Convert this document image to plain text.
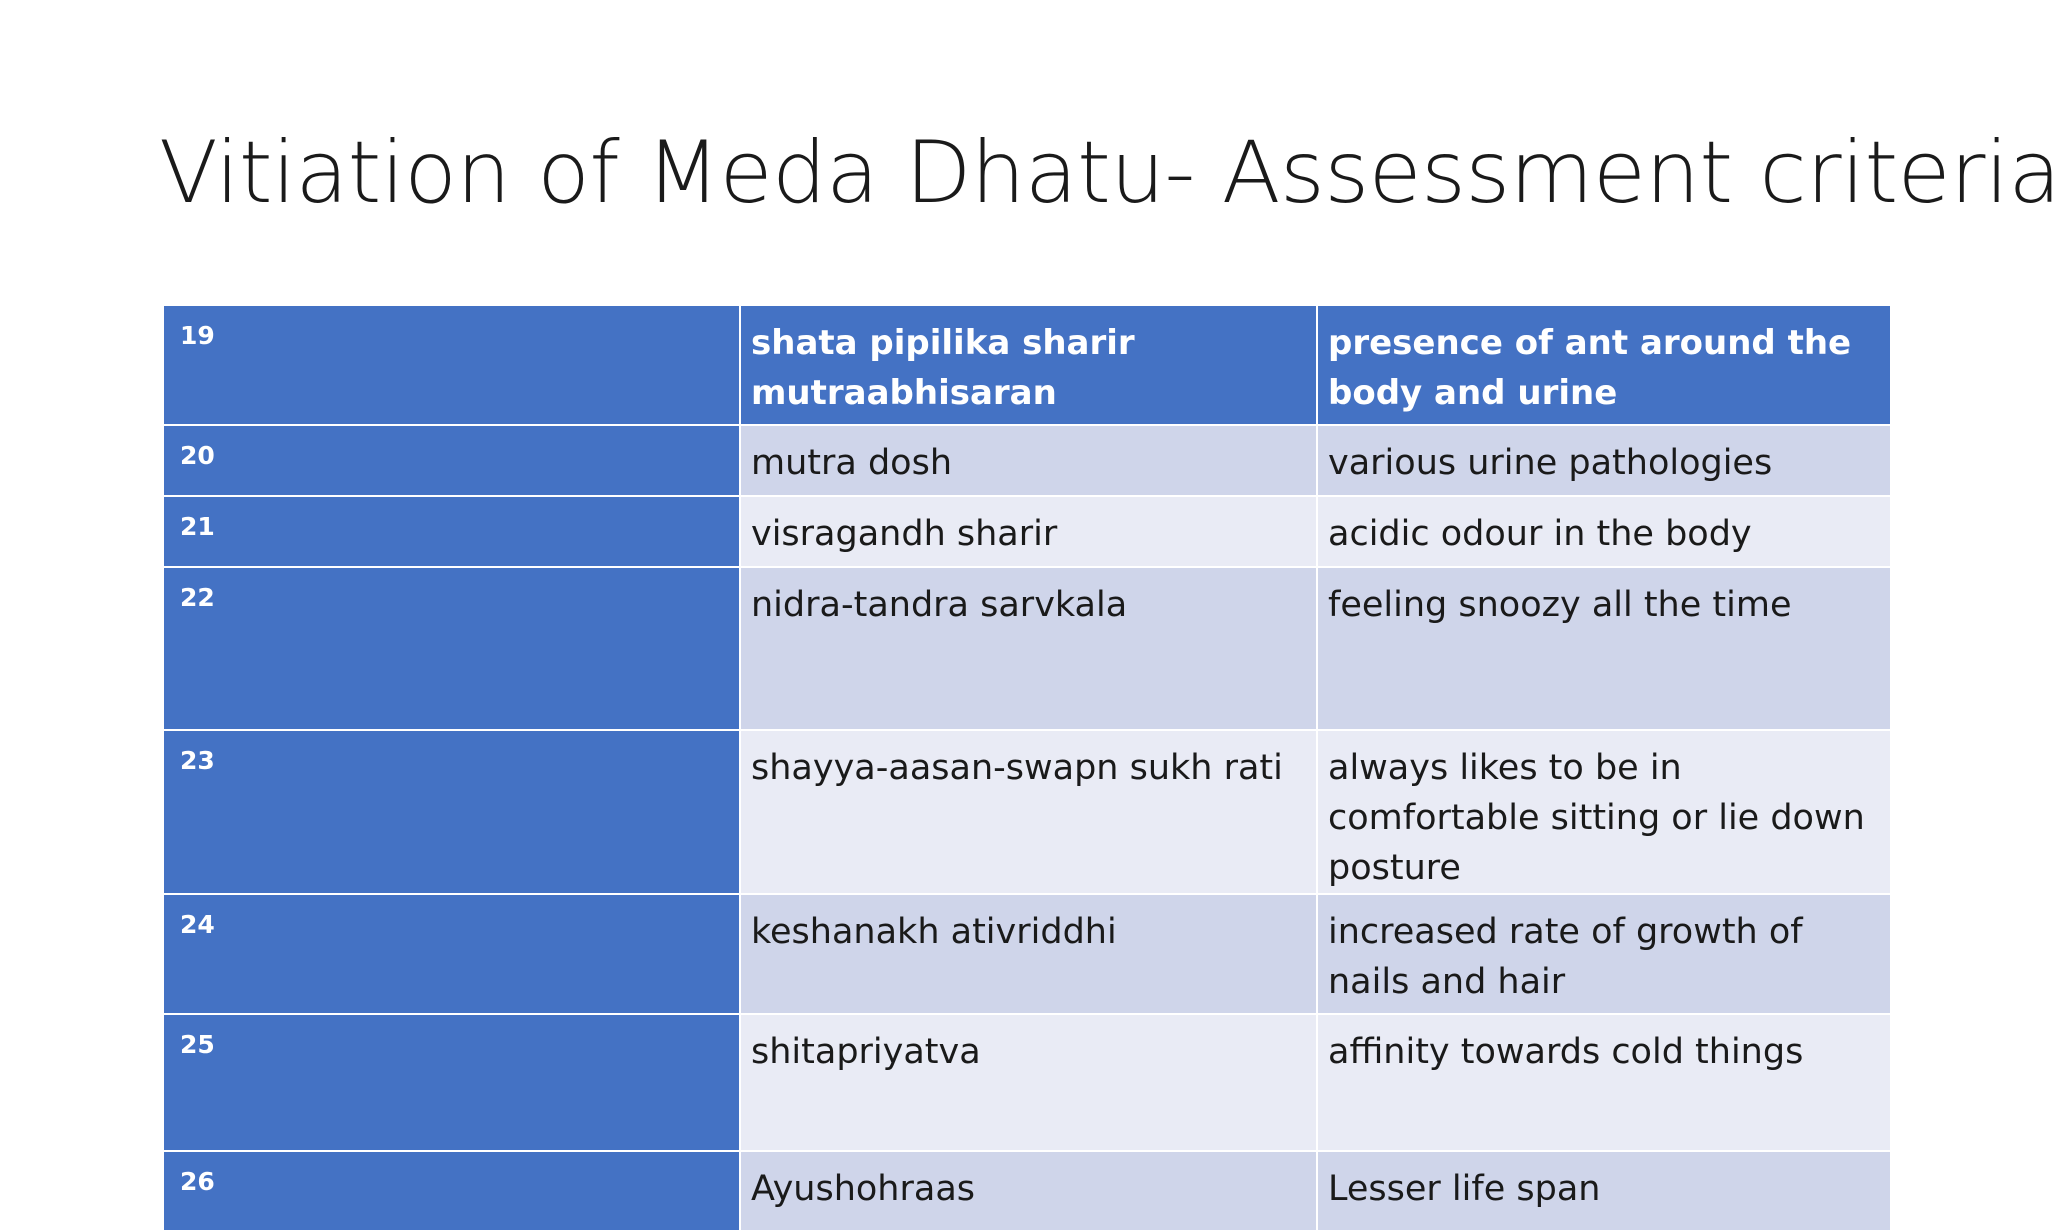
Vitiation of Meda Dhatu- Assessment criteria
19	shata pipilika sharir mutraabhisaran	presence of ant around the body and urine
20	mutra dosh	various urine pathologies
21	visragandh sharir	acidic odour in the body
22	nidra-tandra sarvkala	feeling snoozy all the time
23	shayya-aasan-swapn sukh rati	always likes to be in comfortable sitting or lie down posture
24	keshanakh ativriddhi	increased rate of growth of nails and hair
25	shitapriyatva	affinity towards cold things
26	Ayushohraas	Lesser life span
